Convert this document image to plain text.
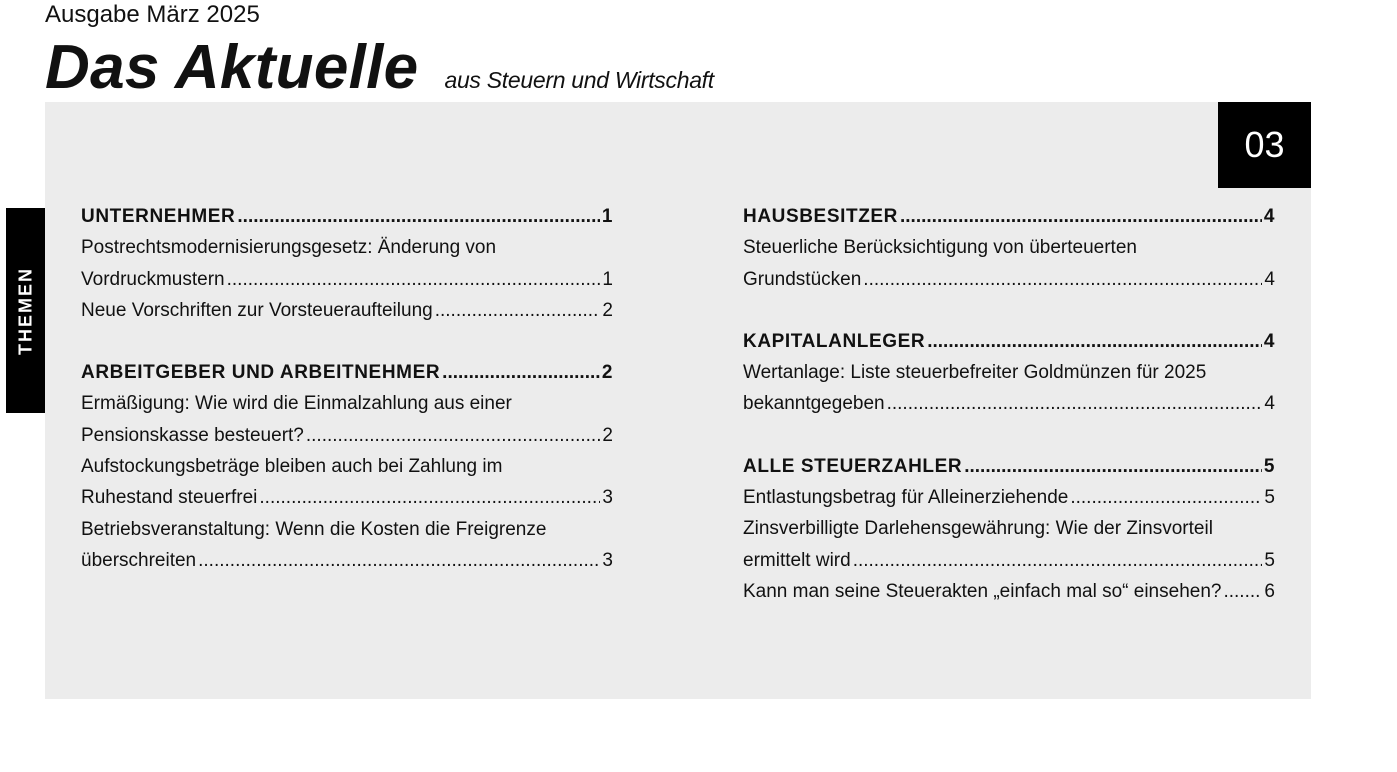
Ausgabe März 2025
Das Aktuelle aus Steuern und Wirtschaft
03
THEMEN
UNTERNEHMER .....	1
Postrechtsmodernisierungsgesetz: Änderung von
Vordruckmustern .....	1
Neue Vorschriften zur Vorsteueraufteilung .....	2
ARBEITGEBER UND ARBEITNEHMER .....	2
Ermäßigung: Wie wird die Einmalzahlung aus einer
Pensionskasse besteuert? .....	2
Aufstockungsbeträge bleiben auch bei Zahlung im
Ruhestand steuerfrei .....	3
Betriebsveranstaltung: Wenn die Kosten die Freigrenze
überschreiten .....	3
HAUSBESITZER .....	4
Steuerliche Berücksichtigung von überteuerten
Grundstücken .....	4
KAPITALANLEGER .....	4
Wertanlage: Liste steuerbefreiter Goldmünzen für 2025
bekanntgegeben .....	4
ALLE STEUERZAHLER .....	5
Entlastungsbetrag für Alleinerziehende .....	5
Zinsverbilligte Darlehensgewährung: Wie der Zinsvorteil
ermittelt wird .....	5
Kann man seine Steuerakten „einfach mal so“ einsehen? ..... 6
